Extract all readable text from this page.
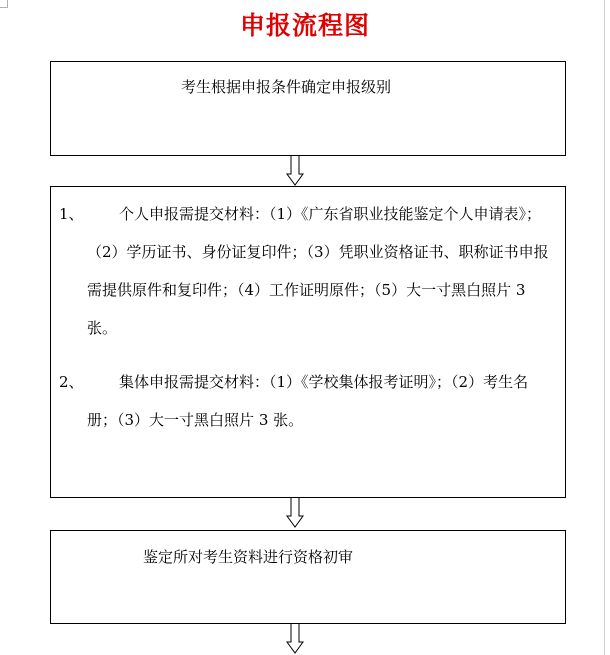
申报流程图
考生根据申报条件确定申报级别
1、	个人申报需提交材料：（1）《广东省职业技能鉴定个人申请表》；（2）学历证书、身份证复印件；（3）凭职业资格证书、职称证书申报需提供原件和复印件；（4）工作证明原件；（5）大一寸黑白照片 3 张。
2、	集体申报需提交材料：（1）《学校集体报考证明》；（2）考生名册；（3）大一寸黑白照片 3 张。
鉴定所对考生资料进行资格初审
